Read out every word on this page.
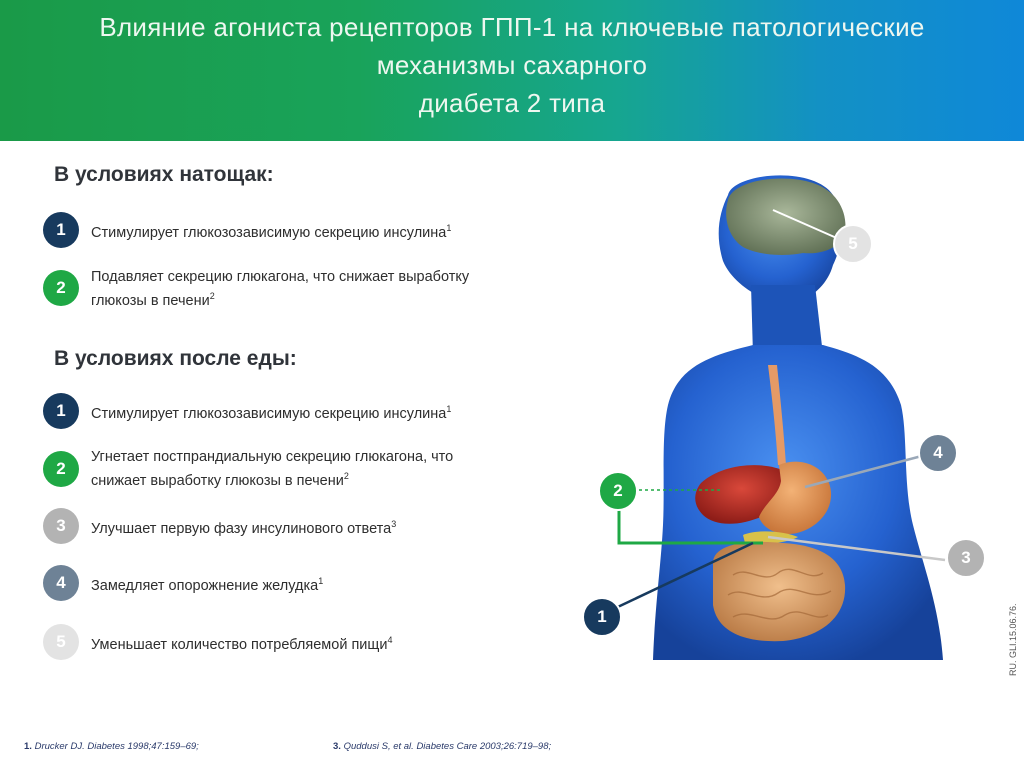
Влияние агониста рецепторов ГПП-1 на ключевые патологические
механизмы сахарного
диабета 2 типа
В условиях натощак:
1	Стимулирует глюкозозависимую секрецию инсулина$^1$
2
Подавляет секрецию глюкагона, что снижает выработку
глюкозы в печени$^2$
В условиях после еды:
1	Стимулирует глюкозозависимую секрецию инсулина$^1$
2
Угнетает постпрандиальную секрецию глюкагона, что
снижает выработку глюкозы в печени$^2$
3	Улучшает первую фазу инсулинового ответа$^3$
4	Замедляет опорожнение желудка$^1$
5	Уменьшает количество потребляемой пищи$^4$
5
4
2
3
1
1. Drucker DJ. Diabetes 1998;47:159–69;	3. Quddusi S, et al. Diabetes Care 2003;26:719–98;
RU. GLI.15.06.76.
